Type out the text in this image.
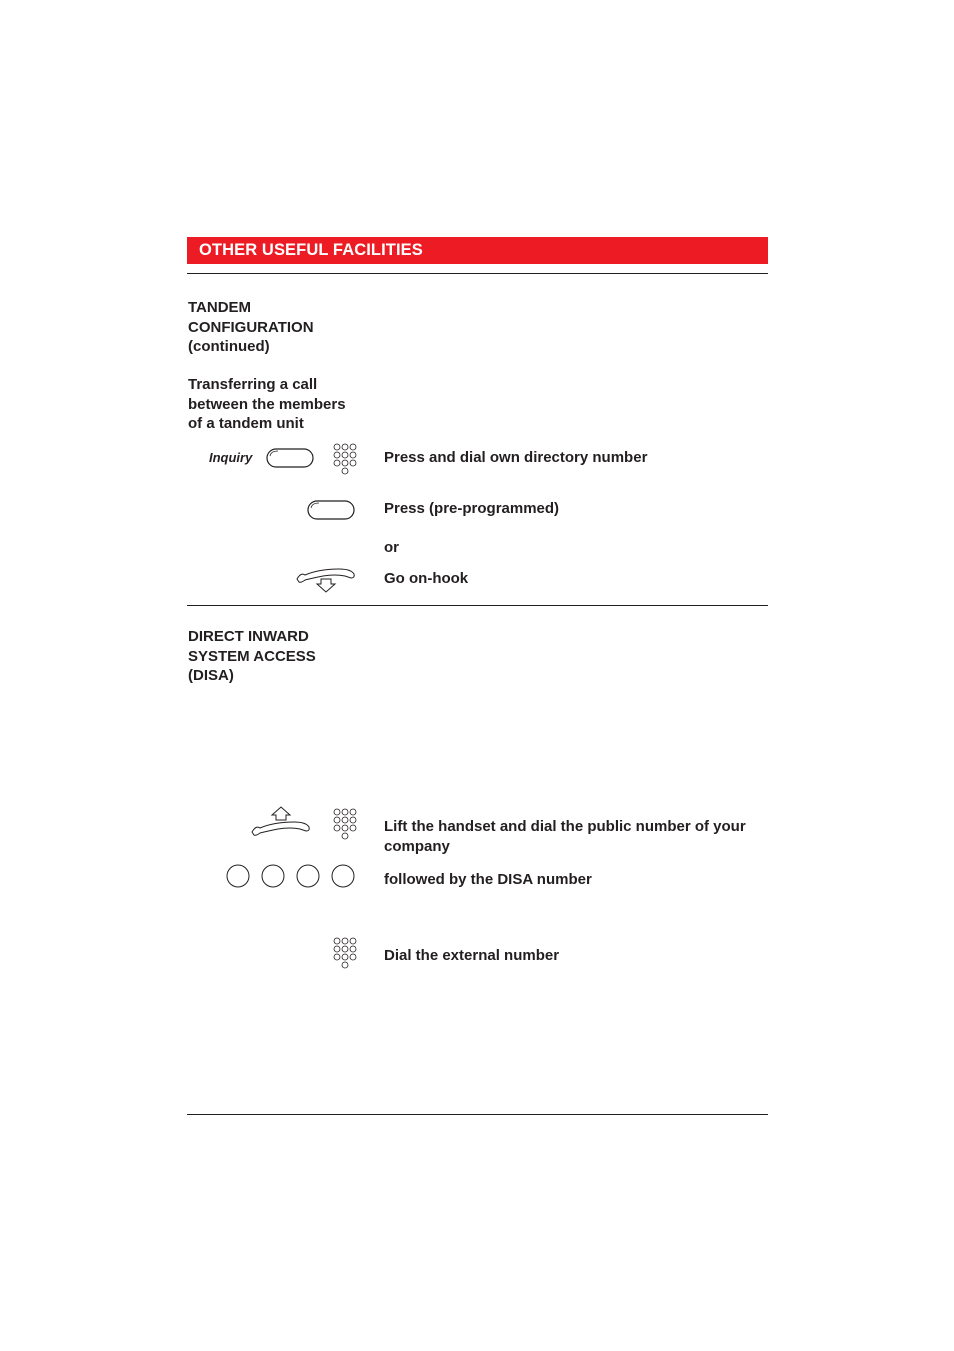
OTHER USEFUL FACILITIES
TANDEM
CONFIGURATION
(continued)
Transferring a call
between the members
of a tandem unit
Inquiry	Press and dial own directory number
Press (pre-programmed)
or
Go on-hook
DIRECT INWARD
SYSTEM ACCESS
(DISA)
Lift the handset and dial the public number of your company
followed by the DISA number
Dial the external number
